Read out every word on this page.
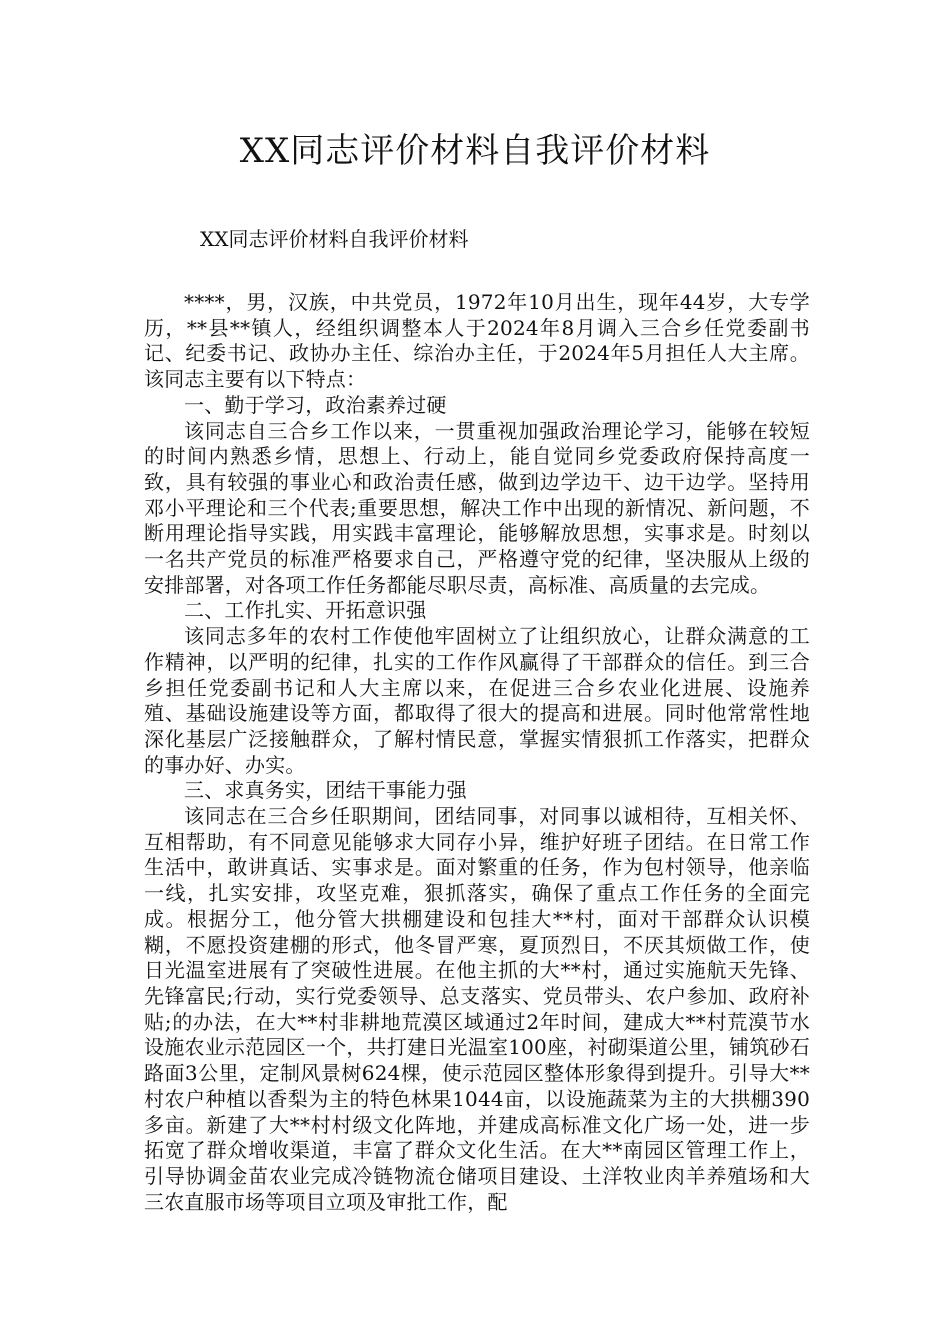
XX同志评价材料自我评价材料

XX同志评价材料自我评价材料

****，男，汉族，中共党员，1972年10月出生，现年44岁，大专学历，**县**镇人，经组织调整本人于2024年8月调入三合乡任党委副书记、纪委书记、政协办主任、综治办主任，于2024年5月担任人大主席。该同志主要有以下特点：

一、勤于学习，政治素养过硬

该同志自三合乡工作以来，一贯重视加强政治理论学习，能够在较短的时间内熟悉乡情，思想上、行动上，能自觉同乡党委政府保持高度一致，具有较强的事业心和政治责任感，做到边学边干、边干边学。坚持用邓小平理论和三个代表;重要思想，解决工作中出现的新情况、新问题，不断用理论指导实践，用实践丰富理论，能够解放思想，实事求是。时刻以一名共产党员的标准严格要求自己，严格遵守党的纪律，坚决服从上级的安排部署，对各项工作任务都能尽职尽责，高标准、高质量的去完成。

二、工作扎实、开拓意识强

该同志多年的农村工作使他牢固树立了让组织放心，让群众满意的工作精神，以严明的纪律，扎实的工作作风赢得了干部群众的信任。到三合乡担任党委副书记和人大主席以来，在促进三合乡农业化进展、设施养殖、基础设施建设等方面，都取得了很大的提高和进展。同时他常常性地深化基层广泛接触群众，了解村情民意，掌握实情狠抓工作落实，把群众的事办好、办实。

三、求真务实，团结干事能力强

该同志在三合乡任职期间，团结同事，对同事以诚相待，互相关怀、互相帮助，有不同意见能够求大同存小异，维护好班子团结。在日常工作生活中，敢讲真话、实事求是。面对繁重的任务，作为包村领导，他亲临一线，扎实安排，攻坚克难，狠抓落实，确保了重点工作任务的全面完成。根据分工，他分管大拱棚建设和包挂大**村，面对干部群众认识模糊，不愿投资建棚的形式，他冬冒严寒，夏顶烈日，不厌其烦做工作，使日光温室进展有了突破性进展。在他主抓的大**村，通过实施航天先锋、先锋富民;行动，实行党委领导、总支落实、党员带头、农户参加、政府补贴;的办法，在大**村非耕地荒漠区域通过2年时间，建成大**村荒漠节水设施农业示范园区一个，共打建日光温室100座，衬砌渠道公里，铺筑砂石路面3公里，定制风景树624棵，使示范园区整体形象得到提升。引导大**村农户种植以香梨为主的特色林果1044亩，以设施蔬菜为主的大拱棚390多亩。新建了大**村村级文化阵地，并建成高标准文化广场一处，进一步拓宽了群众增收渠道，丰富了群众文化生活。在大**南园区管理工作上，引导协调金苗农业完成冷链物流仓储项目建设、土洋牧业肉羊养殖场和大三农直服市场等项目立项及审批工作，配
